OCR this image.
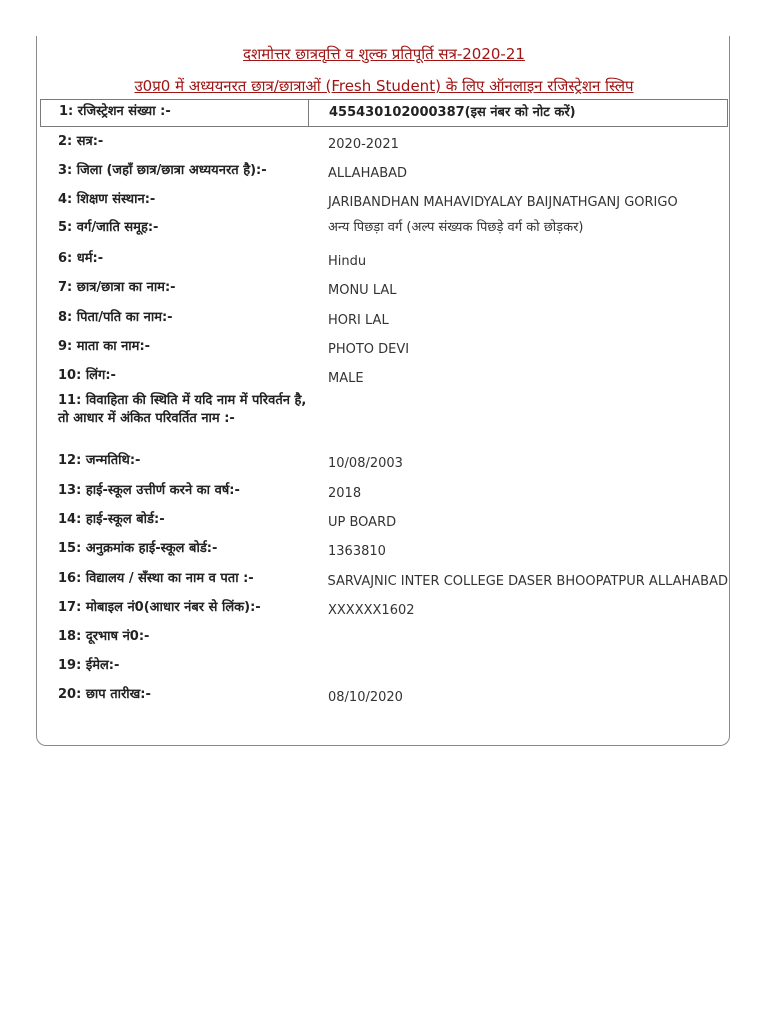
दशमोत्तर छात्रवृत्ति व शुल्क प्रतिपूर्ति सत्र-2020-21
उ0प्र0 में अध्ययनरत छात्र/छात्राओं (Fresh Student) के लिए ऑनलाइन रजिस्ट्रेशन स्लिप
1: रजिस्ट्रेशन संख्या :-	455430102000387(इस नंबर को नोट करें)
2: सत्र:-	2020-2021
3: जिला (जहाँ छात्र/छात्रा अध्ययनरत है):-	ALLAHABAD
4: शिक्षण संस्थान:-	JARIBANDHAN MAHAVIDYALAY BAIJNATHGANJ GORIGO
5: वर्ग/जाति समूह:-	अन्य पिछड़ा वर्ग (अल्प संख्यक पिछड़े वर्ग को छोड़कर)
6: धर्म:-	Hindu
7: छात्र/छात्रा का नाम:-	MONU LAL
8: पिता/पति का नाम:-	HORI LAL
9: माता का नाम:-	PHOTO DEVI
10: लिंग:-	MALE
11: विवाहिता की स्थिति में यदि नाम में परिवर्तन है, तो आधार में अंकित परिवर्तित नाम :-
12: जन्मतिथि:-	10/08/2003
13: हाई-स्कूल उत्तीर्ण करने का वर्ष:-	2018
14: हाई-स्कूल बोर्ड:-	UP BOARD
15: अनुक्रमांक हाई-स्कूल बोर्ड:-	1363810
16: विद्यालय / सँस्था का नाम व पता :-	SARVAJNIC INTER COLLEGE DASER BHOOPATPUR ALLAHABAD
17: मोबाइल नं0(आधार नंबर से लिंक):-	XXXXXX1602
18: दूरभाष नं0:-
19: ईमेल:-
20: छाप तारीख:-	08/10/2020
